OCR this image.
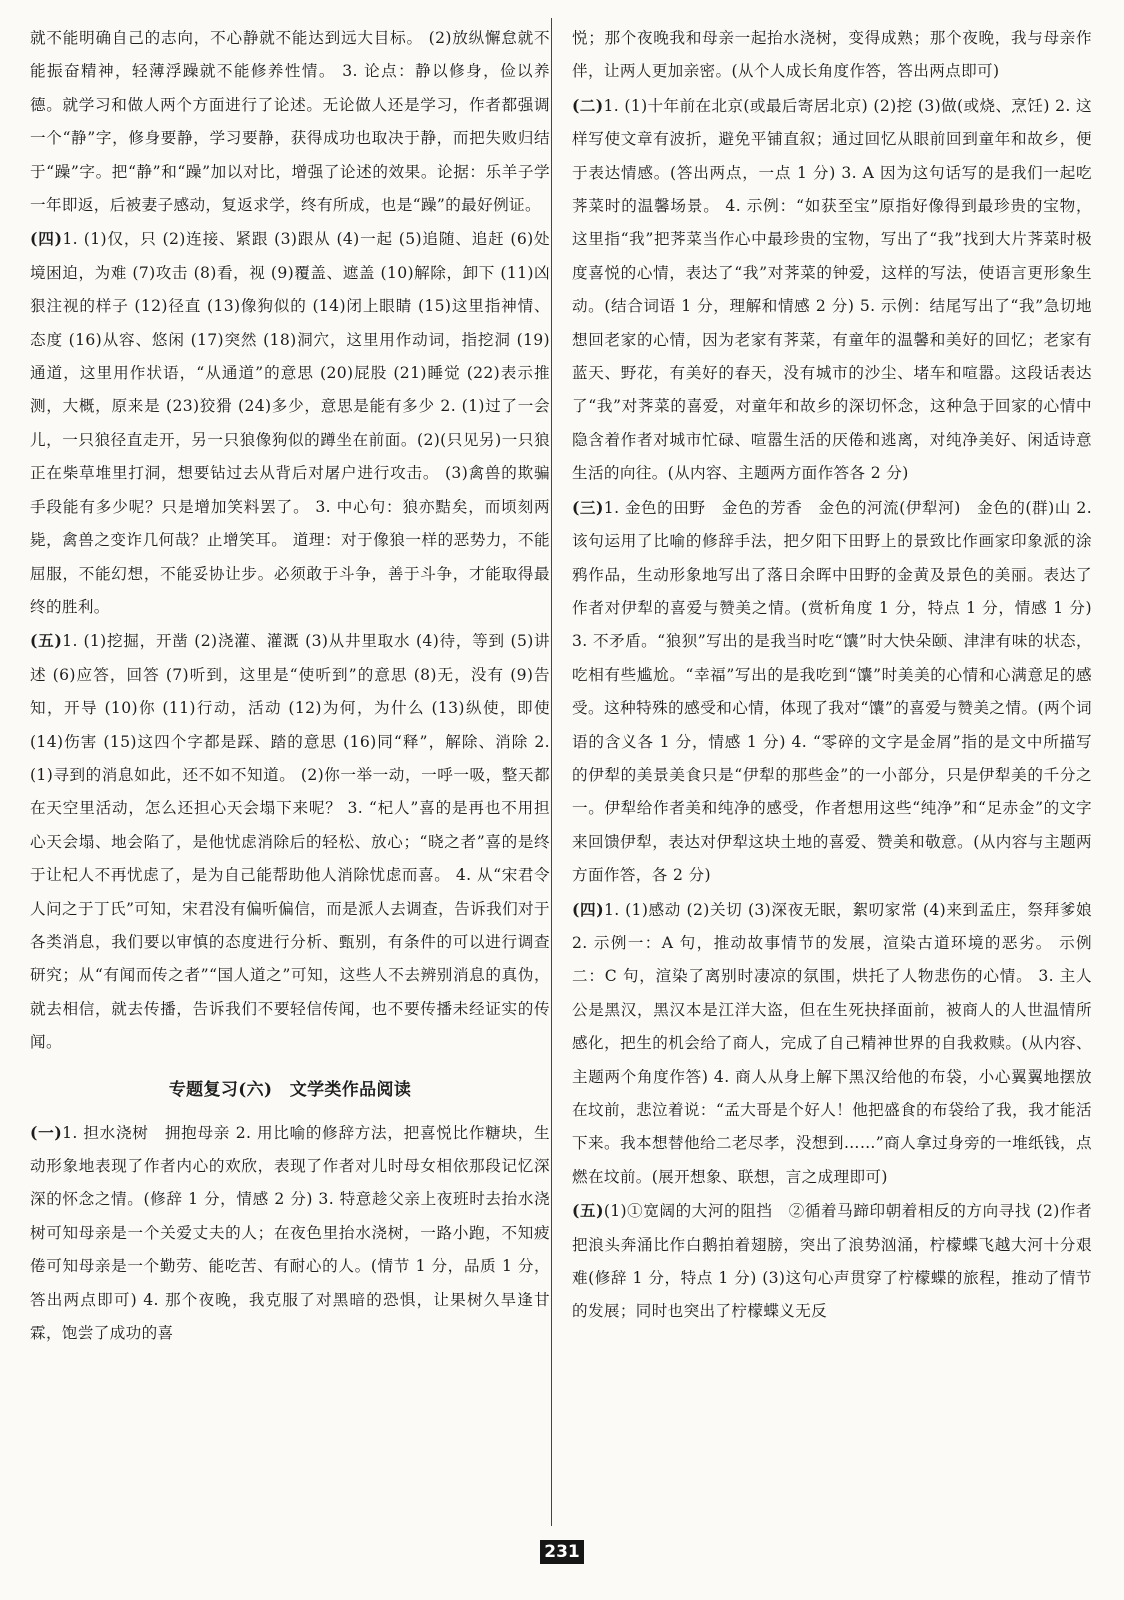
就不能明确自己的志向，不心静就不能达到远大目标。 (2)放纵懈怠就不能振奋精神，轻薄浮躁就不能修养性情。 3. 论点：静以修身，俭以养德。就学习和做人两个方面进行了论述。无论做人还是学习，作者都强调一个“静”字，修身要静，学习要静，获得成功也取决于静，而把失败归结于“躁”字。把“静”和“躁”加以对比，增强了论述的效果。论据：乐羊子学一年即返，后被妻子感动，复返求学，终有所成，也是“躁”的最好例证。

(四)1. (1)仅，只 (2)连接、紧跟 (3)跟从 (4)一起 (5)追随、追赶 (6)处境困迫，为难 (7)攻击 (8)看，视 (9)覆盖、遮盖 (10)解除，卸下 (11)凶狠注视的样子 (12)径直 (13)像狗似的 (14)闭上眼睛 (15)这里指神情、态度 (16)从容、悠闲 (17)突然 (18)洞穴，这里用作动词，指挖洞 (19)通道，这里用作状语，“从通道”的意思 (20)屁股 (21)睡觉 (22)表示推测，大概，原来是 (23)狡猾 (24)多少，意思是能有多少 2. (1)过了一会儿，一只狼径直走开，另一只狼像狗似的蹲坐在前面。(2)(只见另)一只狼正在柴草堆里打洞，想要钻过去从背后对屠户进行攻击。 (3)禽兽的欺骗手段能有多少呢？只是增加笑料罢了。 3. 中心句：狼亦黠矣，而顷刻两毙，禽兽之变诈几何哉？止增笑耳。 道理：对于像狼一样的恶势力，不能屈服，不能幻想，不能妥协让步。必须敢于斗争，善于斗争，才能取得最终的胜利。

(五)1. (1)挖掘，开凿 (2)浇灌、灌溉 (3)从井里取水 (4)待，等到 (5)讲述 (6)应答，回答 (7)听到，这里是“使听到”的意思 (8)无，没有 (9)告知，开导 (10)你 (11)行动，活动 (12)为何，为什么 (13)纵使，即使 (14)伤害 (15)这四个字都是踩、踏的意思 (16)同“释”，解除、消除 2. (1)寻到的消息如此，还不如不知道。 (2)你一举一动，一呼一吸，整天都在天空里活动，怎么还担心天会塌下来呢？ 3. “杞人”喜的是再也不用担心天会塌、地会陷了，是他忧虑消除后的轻松、放心；“晓之者”喜的是终于让杞人不再忧虑了，是为自己能帮助他人消除忧虑而喜。 4. 从“宋君令人问之于丁氏”可知，宋君没有偏听偏信，而是派人去调查，告诉我们对于各类消息，我们要以审慎的态度进行分析、甄别，有条件的可以进行调查研究；从“有闻而传之者”“国人道之”可知，这些人不去辨别消息的真伪，就去相信，就去传播，告诉我们不要轻信传闻，也不要传播未经证实的传闻。

专题复习(六)　文学类作品阅读

(一)1. 担水浇树　拥抱母亲 2. 用比喻的修辞方法，把喜悦比作糖块，生动形象地表现了作者内心的欢欣，表现了作者对儿时母女相依那段记忆深深的怀念之情。(修辞 1 分，情感 2 分) 3. 特意趁父亲上夜班时去抬水浇树可知母亲是一个关爱丈夫的人；在夜色里抬水浇树，一路小跑，不知疲倦可知母亲是一个勤劳、能吃苦、有耐心的人。(情节 1 分，品质 1 分，答出两点即可) 4. 那个夜晚，我克服了对黑暗的恐惧，让果树久旱逢甘霖，饱尝了成功的喜

悦；那个夜晚我和母亲一起抬水浇树，变得成熟；那个夜晚，我与母亲作伴，让两人更加亲密。(从个人成长角度作答，答出两点即可)

(二)1. (1)十年前在北京(或最后寄居北京) (2)挖 (3)做(或烧、烹饪) 2. 这样写使文章有波折，避免平铺直叙；通过回忆从眼前回到童年和故乡，便于表达情感。(答出两点，一点 1 分) 3. A 因为这句话写的是我们一起吃荠菜时的温馨场景。 4. 示例：“如获至宝”原指好像得到最珍贵的宝物，这里指“我”把荠菜当作心中最珍贵的宝物，写出了“我”找到大片荠菜时极度喜悦的心情，表达了“我”对荠菜的钟爱，这样的写法，使语言更形象生动。(结合词语 1 分，理解和情感 2 分) 5. 示例：结尾写出了“我”急切地想回老家的心情，因为老家有荠菜，有童年的温馨和美好的回忆；老家有蓝天、野花，有美好的春天，没有城市的沙尘、堵车和喧嚣。这段话表达了“我”对荠菜的喜爱，对童年和故乡的深切怀念，这种急于回家的心情中隐含着作者对城市忙碌、喧嚣生活的厌倦和逃离，对纯净美好、闲适诗意生活的向往。(从内容、主题两方面作答各 2 分)

(三)1. 金色的田野　金色的芳香　金色的河流(伊犁河)　金色的(群)山 2. 该句运用了比喻的修辞手法，把夕阳下田野上的景致比作画家印象派的涂鸦作品，生动形象地写出了落日余晖中田野的金黄及景色的美丽。表达了作者对伊犁的喜爱与赞美之情。(赏析角度 1 分，特点 1 分，情感 1 分) 3. 不矛盾。“狼狈”写出的是我当时吃“馕”时大快朵颐、津津有味的状态，吃相有些尴尬。“幸福”写出的是我吃到“馕”时美美的心情和心满意足的感受。这种特殊的感受和心情，体现了我对“馕”的喜爱与赞美之情。(两个词语的含义各 1 分，情感 1 分) 4. “零碎的文字是金屑”指的是文中所描写的伊犁的美景美食只是“伊犁的那些金”的一小部分，只是伊犁美的千分之一。伊犁给作者美和纯净的感受，作者想用这些“纯净”和“足赤金”的文字来回馈伊犁，表达对伊犁这块土地的喜爱、赞美和敬意。(从内容与主题两方面作答，各 2 分)

(四)1. (1)感动 (2)关切 (3)深夜无眠，絮叨家常 (4)来到孟庄，祭拜爹娘 2. 示例一：A 句，推动故事情节的发展，渲染古道环境的恶劣。 示例二：C 句，渲染了离别时凄凉的氛围，烘托了人物悲伤的心情。 3. 主人公是黑汉，黑汉本是江洋大盗，但在生死抉择面前，被商人的人世温情所感化，把生的机会给了商人，完成了自己精神世界的自我救赎。(从内容、主题两个角度作答) 4. 商人从身上解下黑汉给他的布袋，小心翼翼地摆放在坟前，悲泣着说：“孟大哥是个好人！他把盛食的布袋给了我，我才能活下来。我本想替他给二老尽孝，没想到……”商人拿过身旁的一堆纸钱，点燃在坟前。(展开想象、联想，言之成理即可)

(五)(1)①宽阔的大河的阻挡　②循着马蹄印朝着相反的方向寻找 (2)作者把浪头奔涌比作白鹅拍着翅膀，突出了浪势汹涌，柠檬蝶飞越大河十分艰难(修辞 1 分，特点 1 分) (3)这句心声贯穿了柠檬蝶的旅程，推动了情节的发展；同时也突出了柠檬蝶义无反

231
